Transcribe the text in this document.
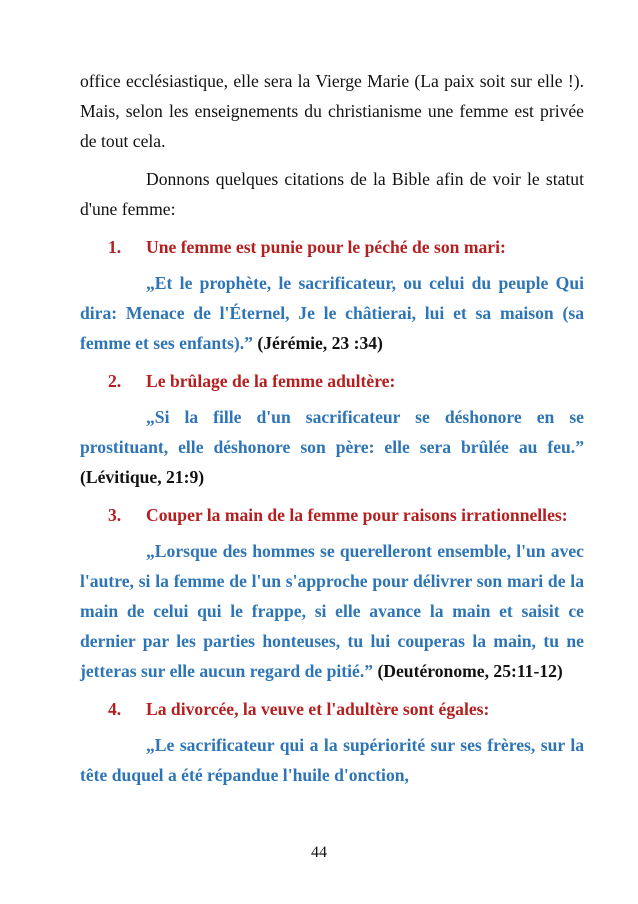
office ecclésiastique, elle sera la Vierge Marie (La paix soit sur elle !). Mais, selon les enseignements du christianisme une femme est privée de tout cela.

Donnons quelques citations de la Bible afin de voir le statut d'une femme:

1.	Une femme est punie pour le péché de son mari:

„Et le prophète, le sacrificateur, ou celui du peuple Qui dira: Menace de l'Éternel, Je le châtierai, lui et sa maison (sa femme et ses enfants).” (Jérémie, 23 :34)

2.	Le brûlage de la femme adultère:

„Si la fille d'un sacrificateur se déshonore en se prostituant, elle déshonore son père: elle sera brûlée au feu.” (Lévitique, 21:9)

3.	Couper la main de la femme pour raisons irrationnelles:

„Lorsque des hommes se querelleront ensemble, l'un avec l'autre, si la femme de l'un s'approche pour délivrer son mari de la main de celui qui le frappe, si elle avance la main et saisit ce dernier par les parties honteuses, tu lui couperas la main, tu ne jetteras sur elle aucun regard de pitié.” (Deutéronome, 25:11-12)

4.	La divorcée, la veuve et l'adultère sont égales:

„Le sacrificateur qui a la supériorité sur ses frères, sur la tête duquel a été répandue l'huile d'onction,

44
